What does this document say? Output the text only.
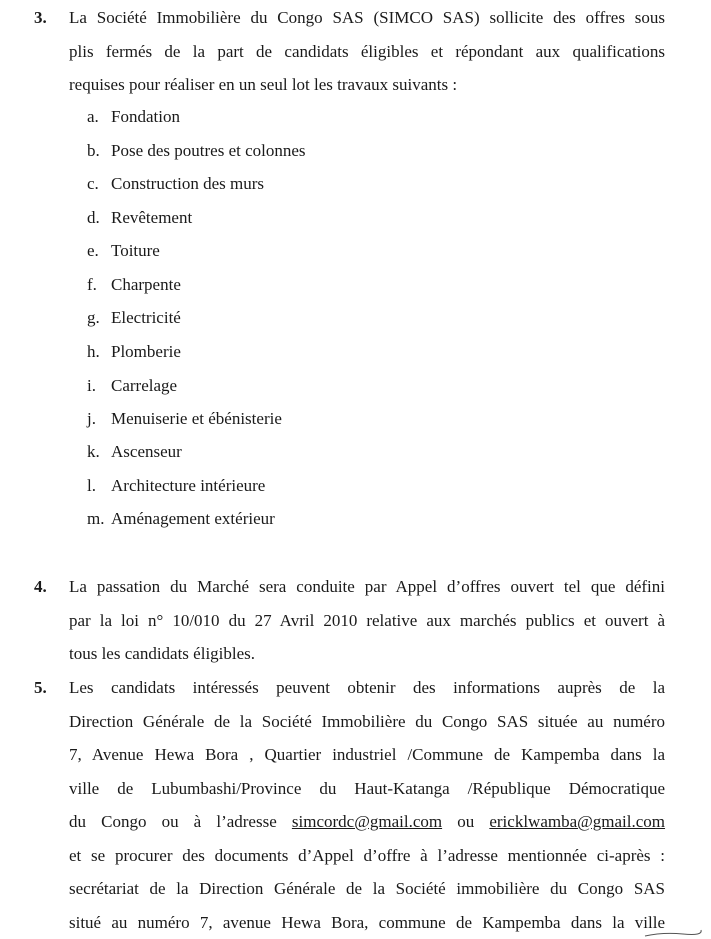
3. La Société Immobilière du Congo SAS (SIMCO SAS) sollicite des offres sous
plis fermés de la part de candidats éligibles et répondant aux qualifications
requises pour réaliser en un seul lot les travaux suivants :
a. Fondation
b. Pose des poutres et colonnes
c. Construction des murs
d. Revêtement
e. Toiture
f. Charpente
g. Electricité
h. Plomberie
i. Carrelage
j. Menuiserie et ébénisterie
k. Ascenseur
l. Architecture intérieure
m. Aménagement extérieur
4. La passation du Marché sera conduite par Appel d’offres ouvert tel que défini
par la loi n° 10/010 du 27 Avril 2010 relative aux marchés publics et ouvert à
tous les candidats éligibles.
5. Les candidats intéressés peuvent obtenir des informations auprès de la
Direction Générale de la Société Immobilière du Congo SAS située au numéro
7, Avenue Hewa Bora , Quartier industriel /Commune de Kampemba dans la
ville de Lubumbashi/Province du Haut-Katanga /République Démocratique
du Congo ou à l’adresse simcordc@gmail.com ou ericklwamba@gmail.com
et se procurer des documents d’Appel d’offre à l’adresse mentionnée ci-après :
secrétariat de la Direction Générale de la Société immobilière du Congo SAS
situé au numéro 7, avenue Hewa Bora, commune de Kampemba dans la ville
